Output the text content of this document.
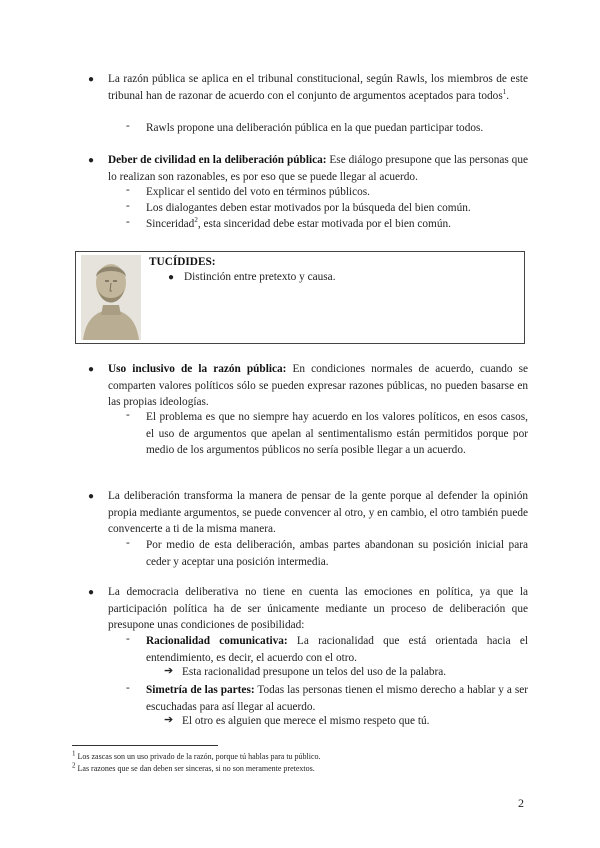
● La razón pública se aplica en el tribunal constitucional, según Rawls, los miembros de este tribunal han de razonar de acuerdo con el conjunto de argumentos aceptados para todos$^1$.
- Rawls propone una deliberación pública en la que puedan participar todos.
● Deber de civilidad en la deliberación pública: Ese diálogo presupone que las personas que lo realizan son razonables, es por eso que se puede llegar al acuerdo.
- Explicar el sentido del voto en términos públicos.
- Los dialogantes deben estar motivados por la búsqueda del bien común.
- Sinceridad$^2$, esta sinceridad debe estar motivada por el bien común.
TUCÍDIDES:
● Distinción entre pretexto y causa.
● Uso inclusivo de la razón pública: En condiciones normales de acuerdo, cuando se comparten valores políticos sólo se pueden expresar razones públicas, no pueden basarse en las propias ideologías.
- El problema es que no siempre hay acuerdo en los valores políticos, en esos casos, el uso de argumentos que apelan al sentimentalismo están permitidos porque por medio de los argumentos públicos no sería posible llegar a un acuerdo.
● La deliberación transforma la manera de pensar de la gente porque al defender la opinión propia mediante argumentos, se puede convencer al otro, y en cambio, el otro también puede convencerte a ti de la misma manera.
- Por medio de esta deliberación, ambas partes abandonan su posición inicial para ceder y aceptar una posición intermedia.
● La democracia deliberativa no tiene en cuenta las emociones en política, ya que la participación política ha de ser únicamente mediante un proceso de deliberación que presupone unas condiciones de posibilidad:
- Racionalidad comunicativa: La racionalidad que está orientada hacia el entendimiento, es decir, el acuerdo con el otro.
➔ Esta racionalidad presupone un telos del uso de la palabra.
- Simetría de las partes: Todas las personas tienen el mismo derecho a hablar y a ser escuchadas para así llegar al acuerdo.
➔ El otro es alguien que merece el mismo respeto que tú.
$^1$ Los zascas son un uso privado de la razón, porque tú hablas para tu público.
$^2$ Las razones que se dan deben ser sinceras, si no son meramente pretextos.
2
